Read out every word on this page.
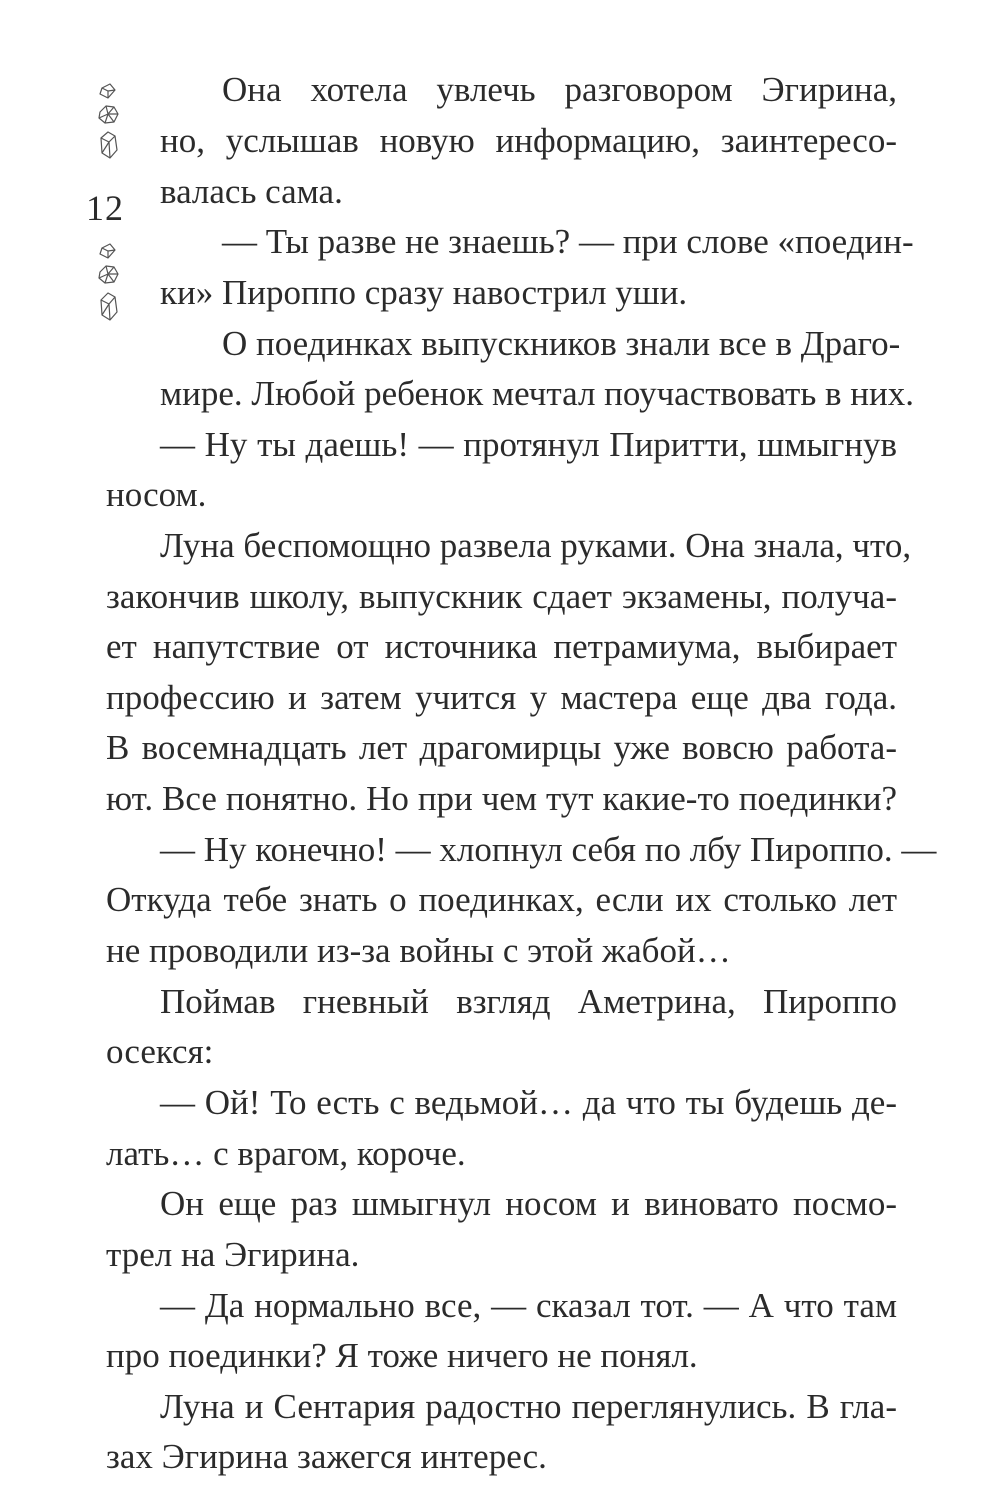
12
Она хотела увлечь разговором Эгирина,
но, услышав новую информацию, заинтересо-
валась сама.
— Ты разве не знаешь? — при слове «поедин-
ки» Пироппо сразу навострил уши.
О поединках выпускников знали все в Драго-
мире. Любой ребенок мечтал поучаствовать в них.
— Ну ты даешь! — протянул Пиритти, шмыгнув
носом.
Луна беспомощно развела руками. Она знала, что,
закончив школу, выпускник сдает экзамены, получа-
ет напутствие от источника петрамиума, выбирает
профессию и затем учится у мастера еще два года.
В восемнадцать лет драгомирцы уже вовсю работа-
ют. Все понятно. Но при чем тут какие-то поединки?
— Ну конечно! — хлопнул себя по лбу Пироппо. —
Откуда тебе знать о поединках, если их столько лет
не проводили из-за войны с этой жабой…
Поймав гневный взгляд Аметрина, Пироппо
осекся:
— Ой! То есть с ведьмой… да что ты будешь де-
лать… с врагом, короче.
Он еще раз шмыгнул носом и виновато посмо-
трел на Эгирина.
— Да нормально все, — сказал тот. — А что там
про поединки? Я тоже ничего не понял.
Луна и Сентария радостно переглянулись. В гла-
зах Эгирина зажегся интерес.
